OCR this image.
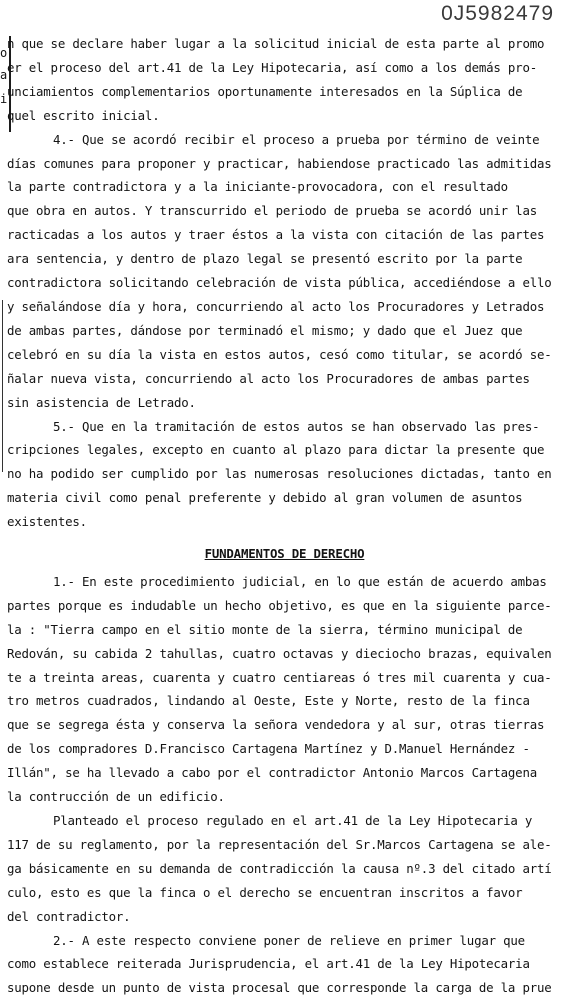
0J5982479
o
a
i
n que se declare haber lugar a la solicitud inicial de esta parte al promo
er el proceso del art.41 de la Ley Hipotecaria, así como a los demás pro-
unciamientos complementarios oportunamente interesados en la Súplica de
quel escrito inicial.
4.- Que se acordó recibir el proceso a prueba por término de veinte
días comunes para proponer y practicar, habiendose practicado las admitidas
la parte contradictora y a la iniciante-provocadora, con el resultado
que obra en autos. Y transcurrido el periodo de prueba se acordó unir las
racticadas a los autos y traer éstos a la vista con citación de las partes
ara sentencia, y dentro de plazo legal se presentó escrito por la parte
contradictora solicitando celebración de vista pública, accediéndose a ello
y señalándose día y hora, concurriendo al acto los Procuradores y Letrados
de ambas partes, dándose por terminadó el mismo; y dado que el Juez que
celebró en su día la vista en estos autos, cesó como titular, se acordó se-
ñalar nueva vista, concurriendo al acto los Procuradores de ambas partes
sin asistencia de Letrado.
5.- Que en la tramitación de estos autos se han observado las pres-
cripciones legales, excepto en cuanto al plazo para dictar la presente que
no ha podido ser cumplido por las numerosas resoluciones dictadas, tanto en
materia civil como penal preferente y debido al gran volumen de asuntos
existentes.
FUNDAMENTOS DE DERECHO
1.- En este procedimiento judicial, en lo que están de acuerdo ambas
partes porque es indudable un hecho objetivo, es que en la siguiente parce-
la : "Tierra campo en el sitio monte de la sierra, término municipal de
Redován, su cabida 2 tahullas, cuatro octavas y dieciocho brazas, equivalen
te a treinta areas, cuarenta y cuatro centiareas ó tres mil cuarenta y cua-
tro metros cuadrados, lindando al Oeste, Este y Norte, resto de la finca
que se segrega ésta y conserva la señora vendedora y al sur, otras tierras
de los compradores D.Francisco Cartagena Martínez y D.Manuel Hernández -
Illán", se ha llevado a cabo por el contradictor Antonio Marcos Cartagena
la contrucción de un edificio.
Planteado el proceso regulado en el art.41 de la Ley Hipotecaria y
117 de su reglamento, por la representación del Sr.Marcos Cartagena se ale-
ga básicamente en su demanda de contradicción la causa nº.3 del citado artí
culo, esto es que la finca o el derecho se encuentran inscritos a favor
del contradictor.
2.- A este respecto conviene poner de relieve en primer lugar que
como establece reiterada Jurisprudencia, el art.41 de la Ley Hipotecaria
supone desde un punto de vista procesal que corresponde la carga de la prue
